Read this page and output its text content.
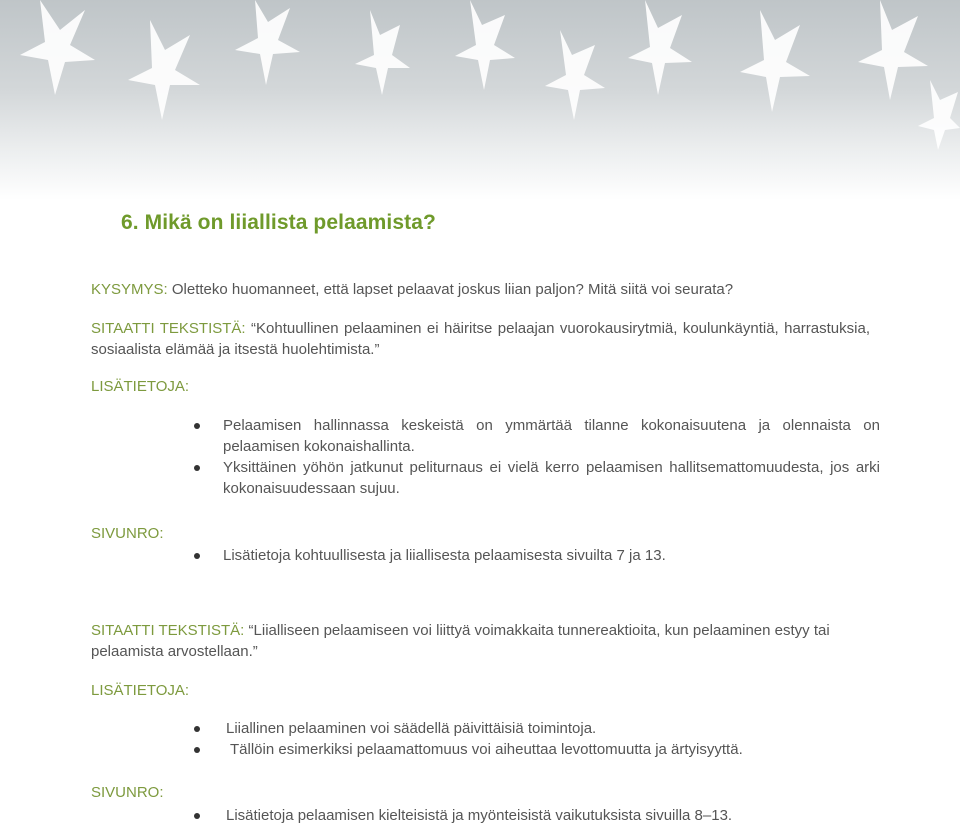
6. Mikä on liiallista pelaamista?
KYSYMYS: Oletteko huomanneet, että lapset pelaavat joskus liian paljon? Mitä siitä voi seurata?
SITAATTI TEKSTISTÄ: “Kohtuullinen pelaaminen ei häiritse pelaajan vuorokausirytmiä, koulunkäyntiä, harrastuksia, sosiaalista elämää ja itsestä huolehtimista.”
LISÄTIETOJA:
Pelaamisen hallinnassa keskeistä on ymmärtää tilanne kokonaisuutena ja olennaista on pelaamisen kokonaishallinta.
Yksittäinen yöhön jatkunut peliturnaus ei vielä kerro pelaamisen hallitsemattomuudesta, jos arki kokonaisuudessaan sujuu.
SIVUNRO:
Lisätietoja kohtuullisesta ja liiallisesta pelaamisesta sivuilta 7 ja 13.
SITAATTI TEKSTISTÄ: “Liialliseen pelaamiseen voi liittyä voimakkaita tunnereaktioita, kun pelaaminen estyy tai pelaamista arvostellaan.”
LISÄTIETOJA:
Liiallinen pelaaminen voi säädellä päivittäisiä toimintoja.
Tällöin esimerkiksi pelaamattomuus voi aiheuttaa levottomuutta ja ärtyisyyttä.
SIVUNRO:
Lisätietoja pelaamisen kielteisistä ja myönteisistä vaikutuksista sivuilla 8–13.
